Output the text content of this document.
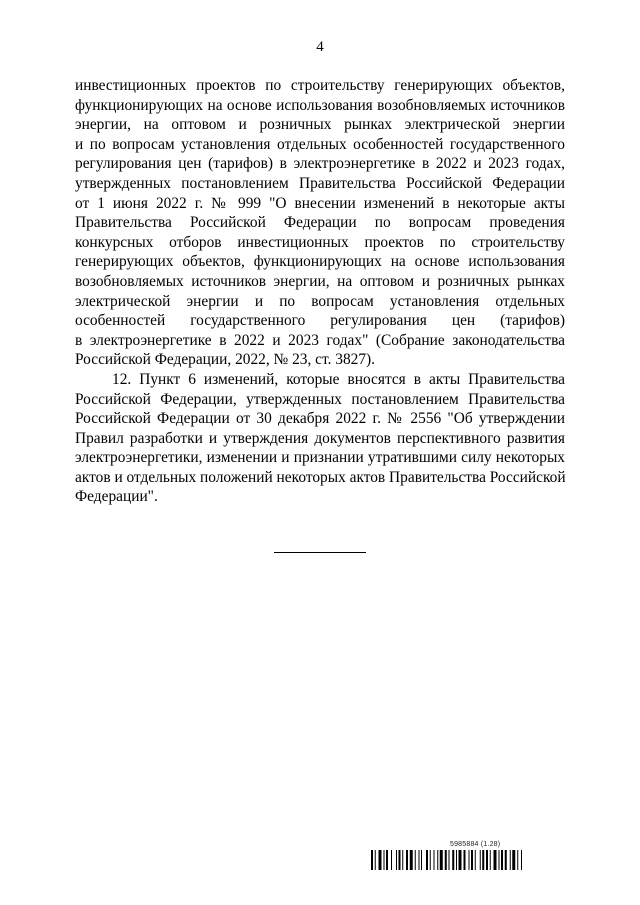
4
инвестиционных проектов по строительству генерирующих объектов,
функционирующих на основе использования возобновляемых источников
энергии, на оптовом и розничных рынках электрической энергии
и по вопросам установления отдельных особенностей государственного
регулирования цен (тарифов) в электроэнергетике в 2022 и 2023 годах,
утвержденных постановлением Правительства Российской Федерации
от 1 июня 2022 г. № 999 "О внесении изменений в некоторые акты
Правительства Российской Федерации по вопросам проведения
конкурсных отборов инвестиционных проектов по строительству
генерирующих объектов, функционирующих на основе использования
возобновляемых источников энергии, на оптовом и розничных рынках
электрической энергии и по вопросам установления отдельных
особенностей государственного регулирования цен (тарифов)
в электроэнергетике в 2022 и 2023 годах" (Собрание законодательства
Российской Федерации, 2022, № 23, ст. 3827).
12. Пункт 6 изменений, которые вносятся в акты Правительства
Российской Федерации, утвержденных постановлением Правительства
Российской Федерации от 30 декабря 2022 г. № 2556 "Об утверждении
Правил разработки и утверждения документов перспективного развития
электроэнергетики, изменении и признании утратившими силу некоторых
актов и отдельных положений некоторых актов Правительства Российской
Федерации".
5985884 (1.28)
